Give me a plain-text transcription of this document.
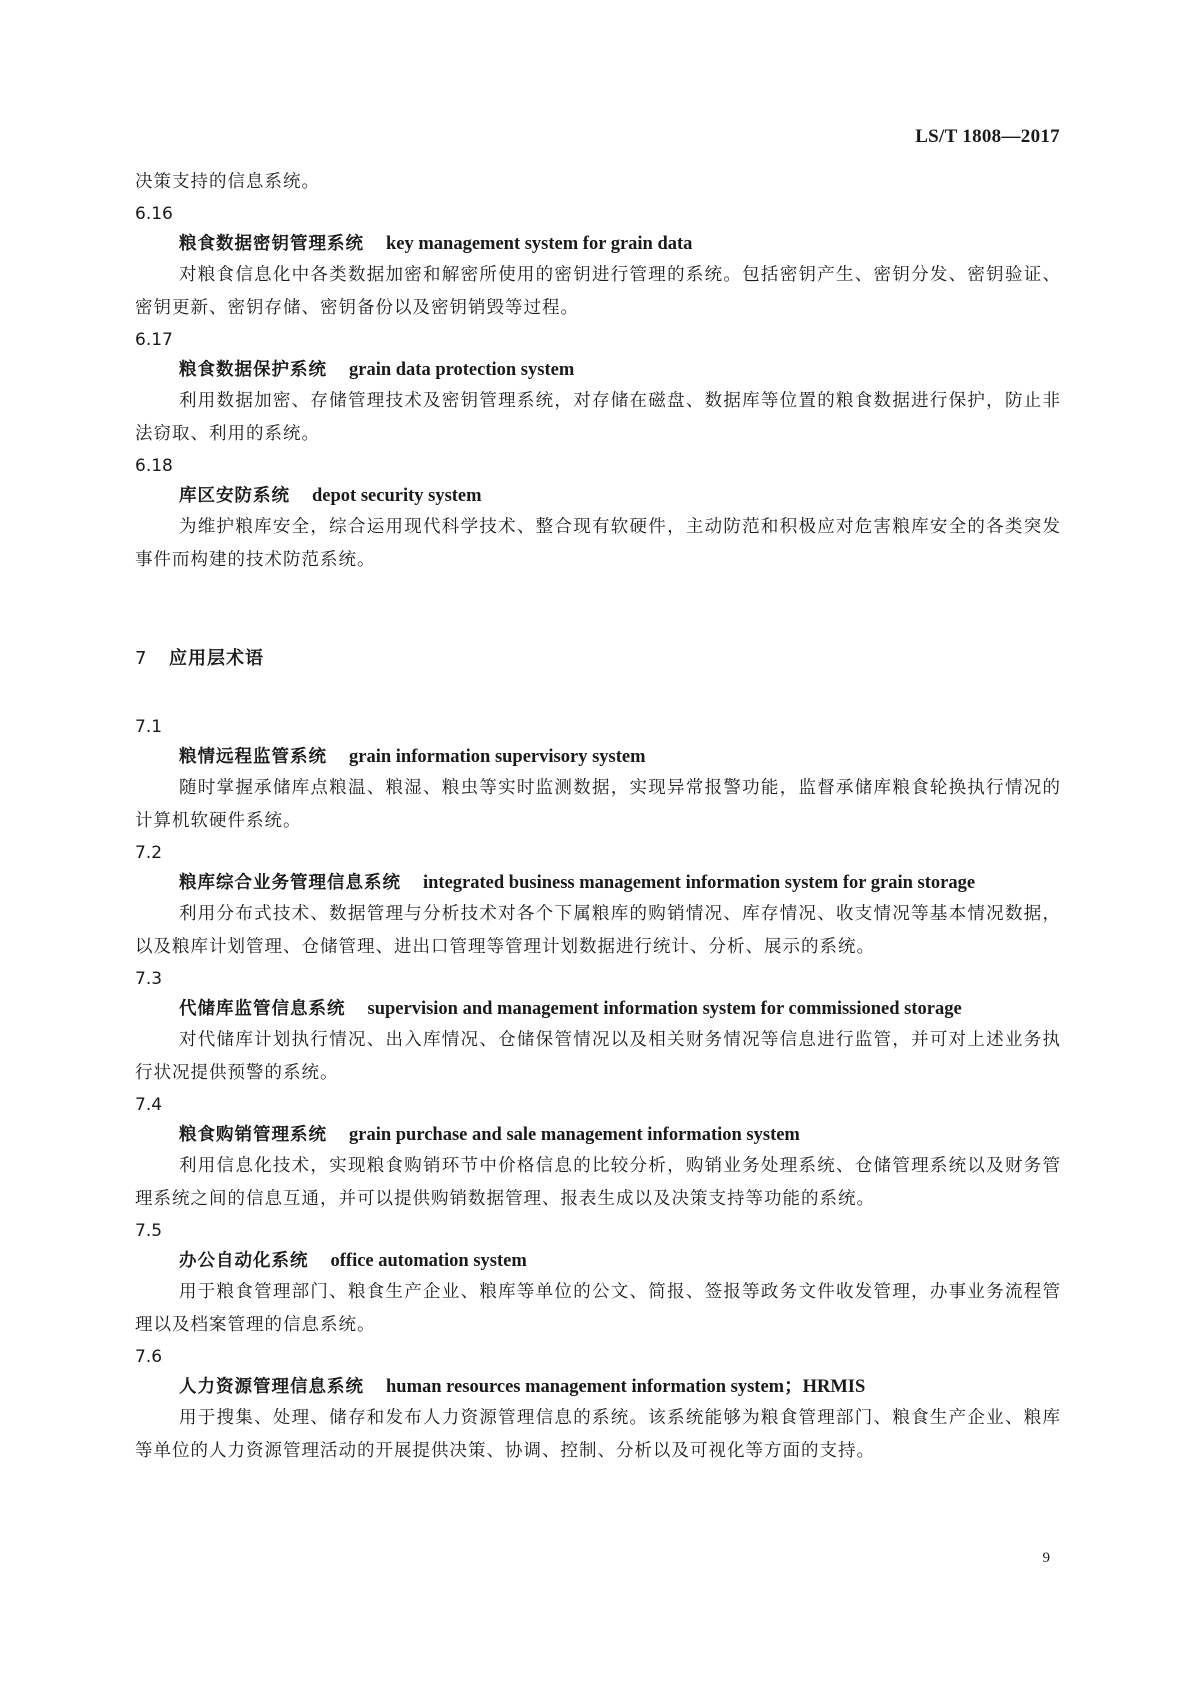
LS/T 1808—2017

决策支持的信息系统。

6.16
粮食数据密钥管理系统 key management system for grain data

对粮食信息化中各类数据加密和解密所使用的密钥进行管理的系统。包括密钥产生、密钥分发、密钥验证、密钥更新、密钥存储、密钥备份以及密钥销毁等过程。

6.17
粮食数据保护系统 grain data protection system

利用数据加密、存储管理技术及密钥管理系统，对存储在磁盘、数据库等位置的粮食数据进行保护，防止非法窃取、利用的系统。

6.18
库区安防系统 depot security system

为维护粮库安全，综合运用现代科学技术、整合现有软硬件，主动防范和积极应对危害粮库安全的各类突发事件而构建的技术防范系统。

7 应用层术语
7.1
粮情远程监管系统 grain information supervisory system

随时掌握承储库点粮温、粮湿、粮虫等实时监测数据，实现异常报警功能，监督承储库粮食轮换执行情况的计算机软硬件系统。

7.2
粮库综合业务管理信息系统 integrated business management information system for grain storage

利用分布式技术、数据管理与分析技术对各个下属粮库的购销情况、库存情况、收支情况等基本情况数据，以及粮库计划管理、仓储管理、进出口管理等管理计划数据进行统计、分析、展示的系统。

7.3
代储库监管信息系统 supervision and management information system for commissioned storage

对代储库计划执行情况、出入库情况、仓储保管情况以及相关财务情况等信息进行监管，并可对上述业务执行状况提供预警的系统。

7.4
粮食购销管理系统 grain purchase and sale management information system

利用信息化技术，实现粮食购销环节中价格信息的比较分析，购销业务处理系统、仓储管理系统以及财务管理系统之间的信息互通，并可以提供购销数据管理、报表生成以及决策支持等功能的系统。

7.5
办公自动化系统 office automation system

用于粮食管理部门、粮食生产企业、粮库等单位的公文、简报、签报等政务文件收发管理，办事业务流程管理以及档案管理的信息系统。

7.6
人力资源管理信息系统 human resources management information system；HRMIS

用于搜集、处理、储存和发布人力资源管理信息的系统。该系统能够为粮食管理部门、粮食生产企业、粮库等单位的人力资源管理活动的开展提供决策、协调、控制、分析以及可视化等方面的支持。

9
